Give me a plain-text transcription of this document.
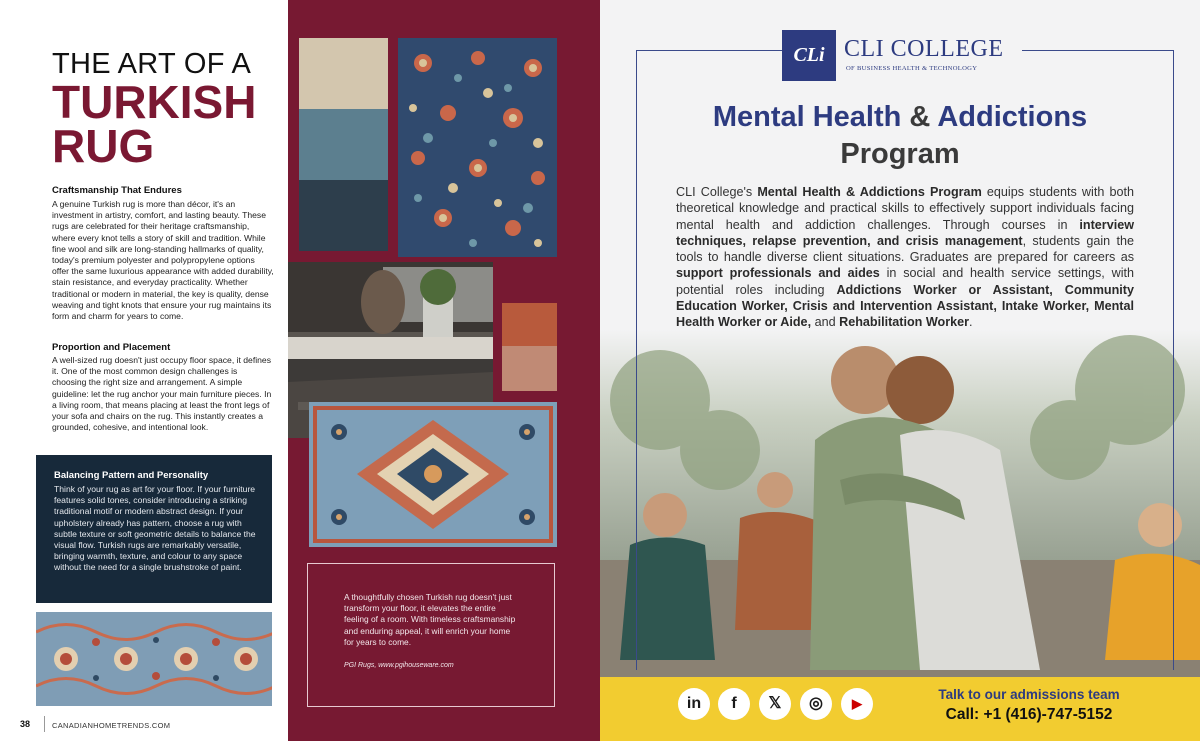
THE ART OF A
TURKISH
RUG
Craftsmanship That Endures
A genuine Turkish rug is more than décor, it's an investment in artistry, comfort, and lasting beauty. These rugs are celebrated for their heritage craftsmanship, where every knot tells a story of skill and tradition. While fine wool and silk are long-standing hallmarks of quality, today's premium polyester and polypropylene options offer the same luxurious appearance with added durability, stain resistance, and everyday practicality. Whether traditional or modern in material, the key is quality, dense weaving and tight knots that ensure your rug maintains its form and charm for years to come.
Proportion and Placement
A well-sized rug doesn't just occupy floor space, it defines it. One of the most common design challenges is choosing the right size and arrangement. A simple guideline: let the rug anchor your main furniture pieces. In a living room, that means placing at least the front legs of your sofa and chairs on the rug. This instantly creates a grounded, cohesive, and intentional look.
Balancing Pattern and Personality
Think of your rug as art for your floor. If your furniture features solid tones, consider introducing a striking traditional motif or modern abstract design. If your upholstery already has pattern, choose a rug with subtle texture or soft geometric details to balance the visual flow. Turkish rugs are remarkably versatile, bringing warmth, texture, and colour to any space without the need for a single brushstroke of paint.
38	CANADIANHOMETRENDS.COM
A thoughtfully chosen Turkish rug doesn't just transform your floor, it elevates the entire feeling of a room. With timeless craftsmanship and enduring appeal, it will enrich your home for years to come.
PGI Rugs, www.pgihouseware.com
CLi CLI COLLEGE
OF BUSINESS HEALTH & TECHNOLOGY
Mental Health & Addictions
Program
CLI College's Mental Health & Addictions Program equips students with both theoretical knowledge and practical skills to effectively support individuals facing mental health and addiction challenges. Through courses in interview techniques, relapse prevention, and crisis management, students gain the tools to handle diverse client situations. Graduates are prepared for careers as support professionals and aides in social and health service settings, with potential roles including Addictions Worker or Assistant, Community Education Worker, Crisis and Intervention Assistant, Intake Worker, Mental Health Worker or Aide, and Rehabilitation Worker.
in	f	𝕏	◎	▶
Talk to our admissions team
Call: +1 (416)-747-5152
